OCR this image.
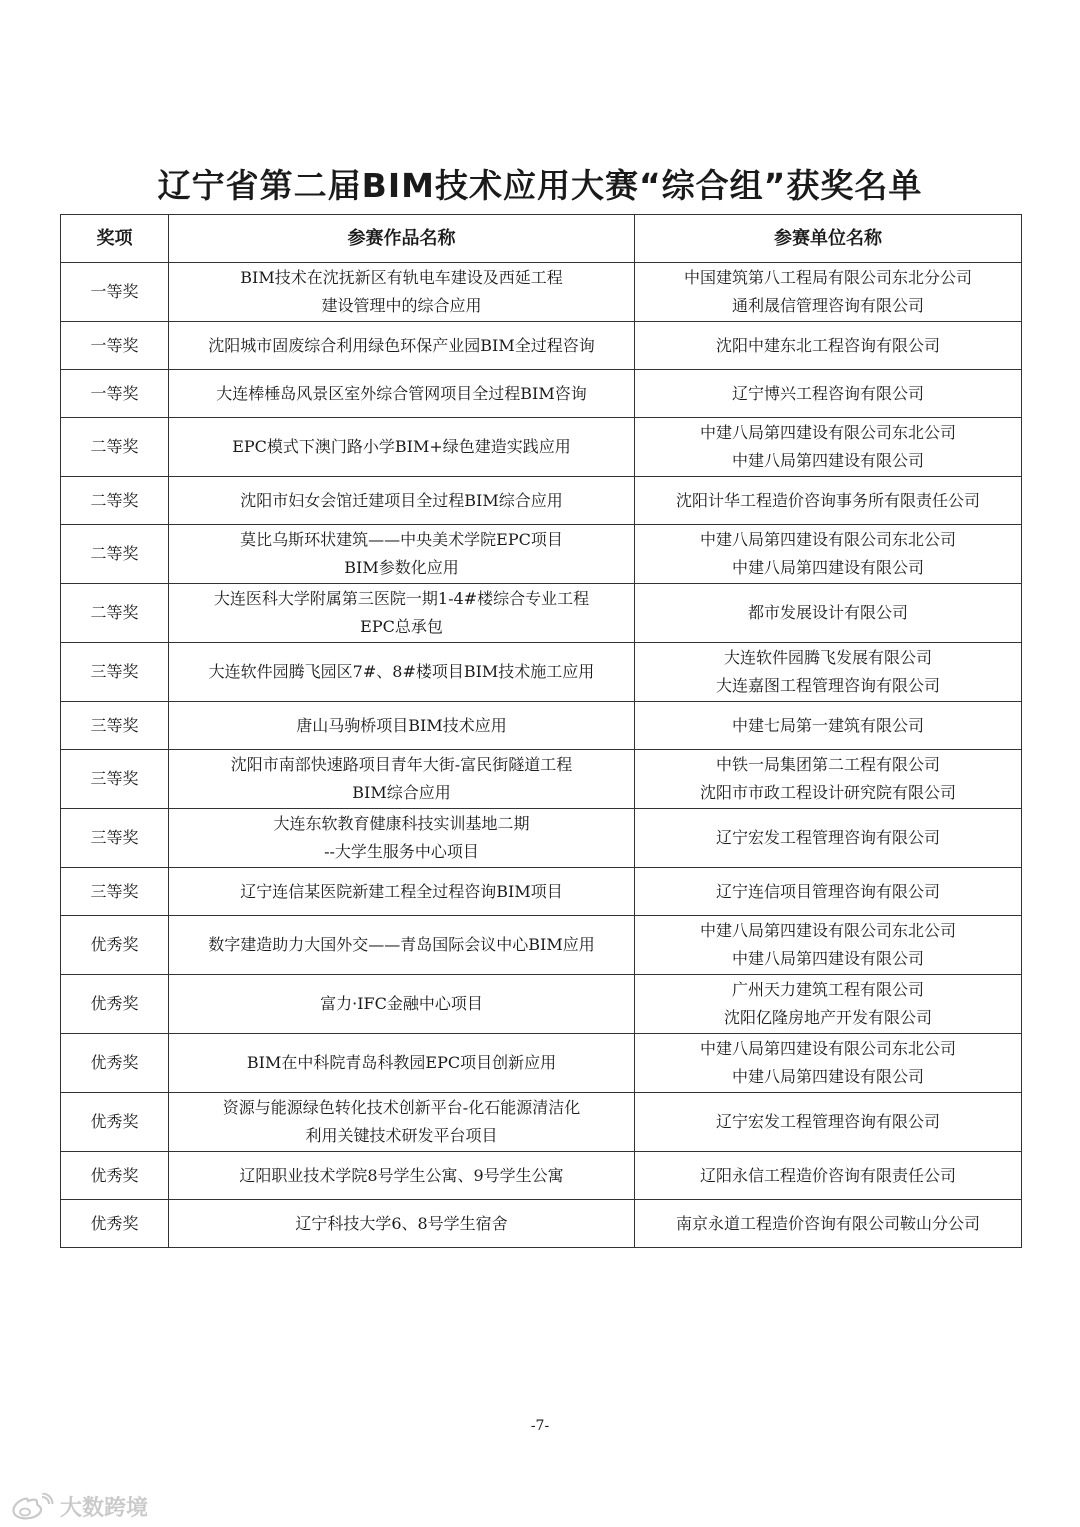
辽宁省第二届BIM技术应用大赛“综合组”获奖名单
奖项	参赛作品名称	参赛单位名称
一等奖	BIM技术在沈抚新区有轨电车建设及西延工程
建设管理中的综合应用	中国建筑第八工程局有限公司东北分公司
通利晟信管理咨询有限公司

一等奖	沈阳城市固废综合利用绿色环保产业园BIM全过程咨询	沈阳中建东北工程咨询有限公司

一等奖	大连棒棰岛风景区室外综合管网项目全过程BIM咨询	辽宁博兴工程咨询有限公司

二等奖	EPC模式下澳门路小学BIM+绿色建造实践应用	中建八局第四建设有限公司东北公司
中建八局第四建设有限公司

二等奖	沈阳市妇女会馆迁建项目全过程BIM综合应用	沈阳计华工程造价咨询事务所有限责任公司

二等奖	莫比乌斯环状建筑——中央美术学院EPC项目
BIM参数化应用	中建八局第四建设有限公司东北公司
中建八局第四建设有限公司

二等奖	大连医科大学附属第三医院一期1-4#楼综合专业工程
EPC总承包	都市发展设计有限公司

三等奖	大连软件园腾飞园区7#、8#楼项目BIM技术施工应用	大连软件园腾飞发展有限公司
大连嘉图工程管理咨询有限公司

三等奖	唐山马驹桥项目BIM技术应用	中建七局第一建筑有限公司

三等奖	沈阳市南部快速路项目青年大街-富民街隧道工程
BIM综合应用	中铁一局集团第二工程有限公司
沈阳市市政工程设计研究院有限公司

三等奖	大连东软教育健康科技实训基地二期
--大学生服务中心项目	辽宁宏发工程管理咨询有限公司

三等奖	辽宁连信某医院新建工程全过程咨询BIM项目	辽宁连信项目管理咨询有限公司

优秀奖	数字建造助力大国外交——青岛国际会议中心BIM应用	中建八局第四建设有限公司东北公司
中建八局第四建设有限公司

优秀奖	富力·IFC金融中心项目	广州天力建筑工程有限公司
沈阳亿隆房地产开发有限公司

优秀奖	BIM在中科院青岛科教园EPC项目创新应用	中建八局第四建设有限公司东北公司
中建八局第四建设有限公司

优秀奖	资源与能源绿色转化技术创新平台-化石能源清洁化
利用关键技术研发平台项目	辽宁宏发工程管理咨询有限公司

优秀奖	辽阳职业技术学院8号学生公寓、9号学生公寓	辽阳永信工程造价咨询有限责任公司

优秀奖	辽宁科技大学6、8号学生宿舍	南京永道工程造价咨询有限公司鞍山分公司
-7-
大数跨境
